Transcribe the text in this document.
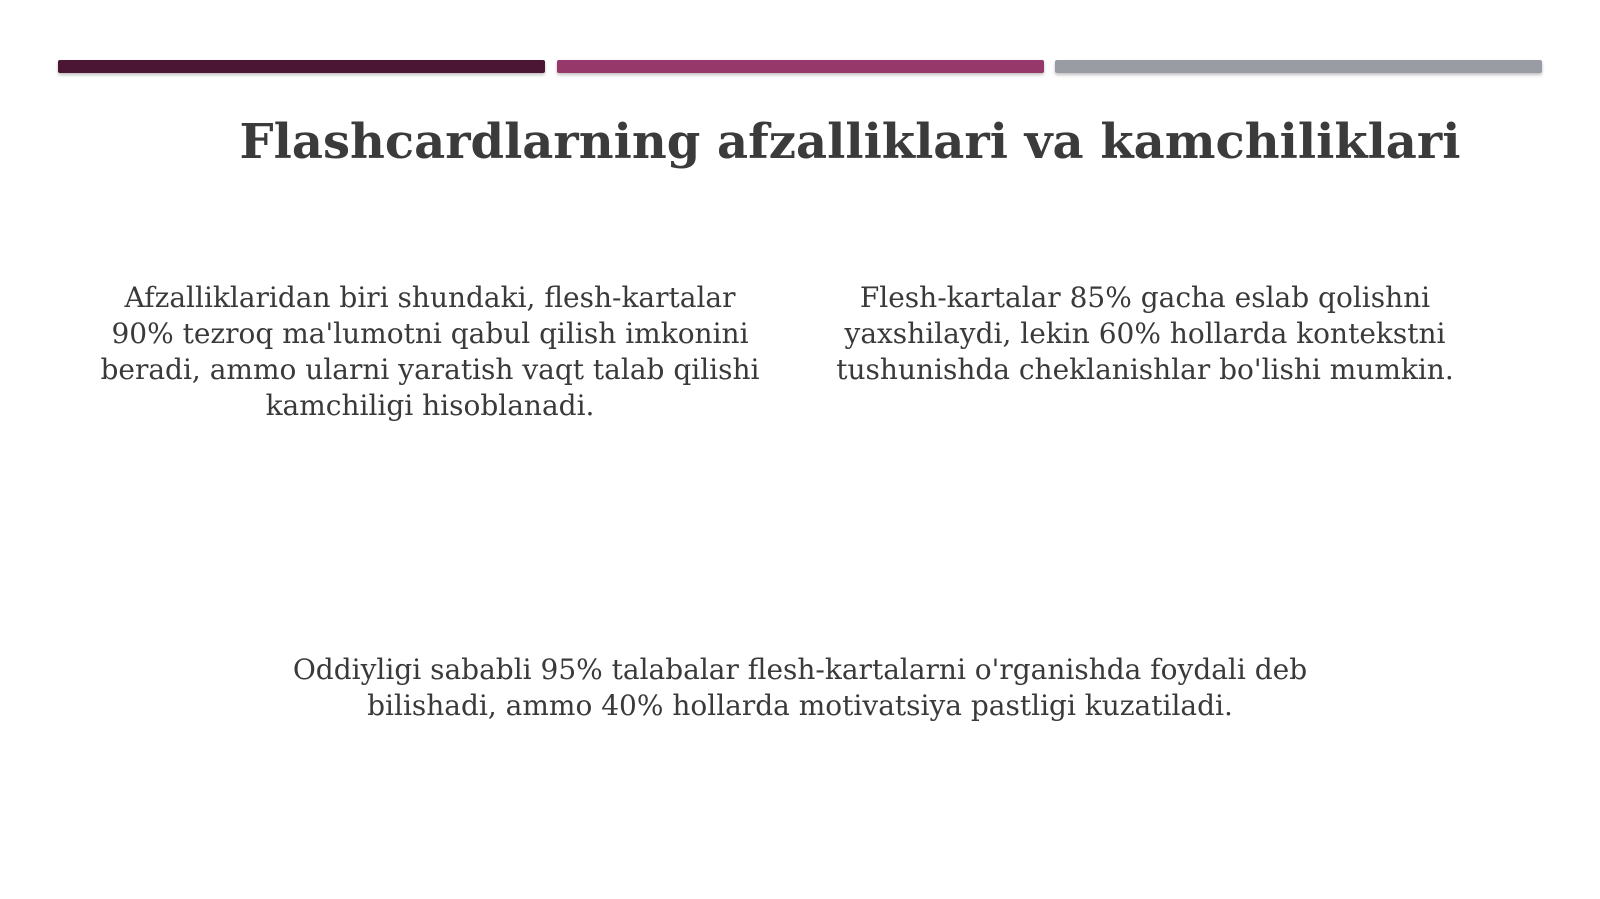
Flashcardlarning afzalliklari va kamchiliklari
Afzalliklaridan biri shundaki, flesh-kartalar 90% tezroq ma'lumotni qabul qilish imkonini beradi, ammo ularni yaratish vaqt talab qilishi kamchiligi hisoblanadi.
Flesh-kartalar 85% gacha eslab qolishni yaxshilaydi, lekin 60% hollarda kontekstni tushunishda cheklanishlar bo'lishi mumkin.
Oddiyligi sababli 95% talabalar flesh-kartalarni o'rganishda foydali deb bilishadi, ammo 40% hollarda motivatsiya pastligi kuzatiladi.
